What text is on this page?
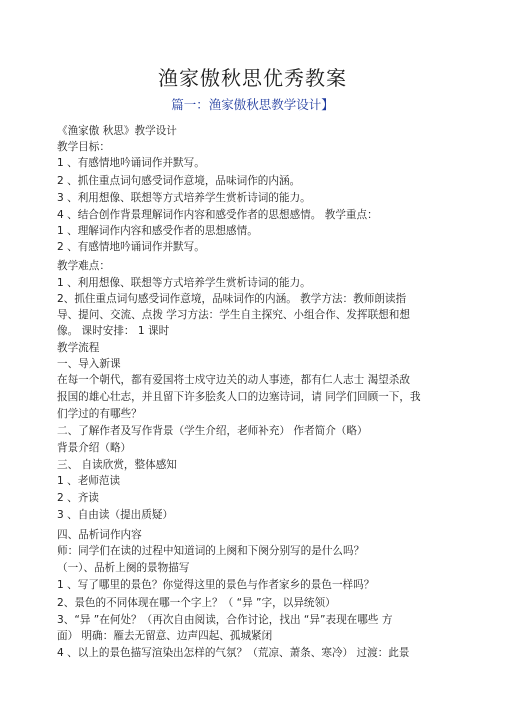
渔家傲秋思优秀教案
篇一：渔家傲秋思教学设计】
《渔家傲 秋思》教学设计
教学目标：
1 、有感情地吟诵词作并默写。
2 、抓住重点词句感受词作意境，品味词作的内涵。
3 、利用想像、联想等方式培养学生赏析诗词的能力。
4 、结合创作背景理解词作内容和感受作者的思想感情。 教学重点：
1 、理解词作内容和感受作者的思想感情。
2 、有感情地吟诵词作并默写。
教学难点：
1 、利用想像、联想等方式培养学生赏析诗词的能力。
2、抓住重点词句感受词作意境，品味词作的内涵。 教学方法：教师朗读指
导、提问、交流、点拨 学习方法：学生自主探究、小组合作、发挥联想和想
像。 课时安排： 1 课时
教学流程
一、导入新课
在每一个朝代，都有爱国将士戍守边关的动人事迹，都有仁人志士 渴望杀敌
报国的雄心壮志，并且留下许多脍炙人口的边塞诗词，请 同学们回顾一下，我
们学过的有哪些？
二、了解作者及写作背景（学生介绍，老师补充） 作者简介（略）
背景介绍（略）
三、 自读欣赏，整体感知
1 、老师范读
2 、齐读
3 、自由读（提出质疑）
四、品析词作内容
师：同学们在读的过程中知道词的上阕和下阕分别写的是什么吗？
（一）、品析上阕的景物描写
1 、写了哪里的景色？你觉得这里的景色与作者家乡的景色一样吗？
2、景色的不同体现在哪一个字上？（ “异 ”字，以异统领）
3、“异 ”在何处？（再次自由阅读，合作讨论，找出 “异”表现在哪些 方
面） 明确：雁去无留意、边声四起、孤城紧闭
4 、以上的景色描写渲染出怎样的气氛？（荒凉、萧条、寒冷） 过渡：此景
